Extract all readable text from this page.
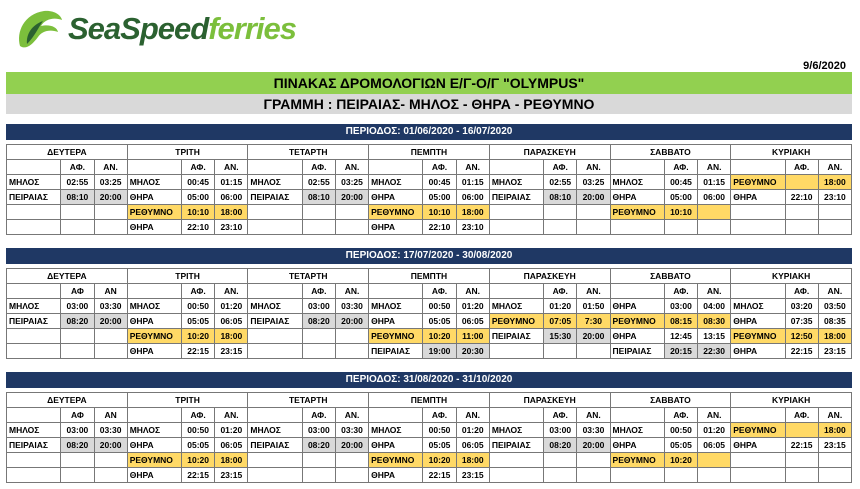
SeaSpeedferries
9/6/2020
ΠΙΝΑΚΑΣ ΔΡΟΜΟΛΟΓΙΩΝ Ε/Γ-Ο/Γ "OLYMPUS"
ΓΡΑΜΜΗ : ΠΕΙΡΑΙΑΣ- ΜΗΛΟΣ - ΘΗΡΑ - ΡΕΘΥΜΝΟ
ΠΕΡΙΟΔΟΣ: 01/06/2020 - 16/07/2020
ΔΕΥΤΕΡΑ			ΤΡΙΤΗ			ΤΕΤΑΡΤΗ			ΠΕΜΠΤΗ			ΠΑΡΑΣΚΕΥΗ			ΣΑΒΒΑΤΟ			ΚΥΡΙΑΚΗ		
	ΑΦ.	ΑΝ.		ΑΦ.	ΑΝ.		ΑΦ.	ΑΝ.		ΑΦ.	ΑΝ.		ΑΦ.	ΑΝ.		ΑΦ.	ΑΝ.		ΑΦ.	ΑΝ.
ΜΗΛΟΣ	02:55	03:25	ΜΗΛΟΣ	00:45	01:15	ΜΗΛΟΣ	02:55	03:25	ΜΗΛΟΣ	00:45	01:15	ΜΗΛΟΣ	02:55	03:25	ΜΗΛΟΣ	00:45	01:15	ΡΕΘΥΜΝΟ		18:00
ΠΕΙΡΑΙΑΣ	08:10	20:00	ΘΗΡΑ	05:00	06:00	ΠΕΙΡΑΙΑΣ	08:10	20:00	ΘΗΡΑ	05:00	06:00	ΠΕΙΡΑΙΑΣ	08:10	20:00	ΘΗΡΑ	05:00	06:00	ΘΗΡΑ	22:10	23:10
			ΡΕΘΥΜΝΟ	10:10	18:00				ΡΕΘΥΜΝΟ	10:10	18:00				ΡΕΘΥΜΝΟ	10:10				
			ΘΗΡΑ	22:10	23:10				ΘΗΡΑ	22:10	23:10									
ΠΕΡΙΟΔΟΣ: 17/07/2020 - 30/08/2020
ΔΕΥΤΕΡΑ			ΤΡΙΤΗ			ΤΕΤΑΡΤΗ			ΠΕΜΠΤΗ			ΠΑΡΑΣΚΕΥΗ			ΣΑΒΒΑΤΟ			ΚΥΡΙΑΚΗ		
	ΑΦ	ΑΝ		ΑΦ.	ΑΝ.		ΑΦ.	ΑΝ.		ΑΦ.	ΑΝ.		ΑΦ.	ΑΝ.		ΑΦ.	ΑΝ.		ΑΦ.	ΑΝ.
ΜΗΛΟΣ	03:00	03:30	ΜΗΛΟΣ	00:50	01:20	ΜΗΛΟΣ	03:00	03:30	ΜΗΛΟΣ	00:50	01:20	ΜΗΛΟΣ	01:20	01:50	ΘΗΡΑ	03:00	04:00	ΜΗΛΟΣ	03:20	03:50
ΠΕΙΡΑΙΑΣ	08:20	20:00	ΘΗΡΑ	05:05	06:05	ΠΕΙΡΑΙΑΣ	08:20	20:00	ΘΗΡΑ	05:05	06:05	ΡΕΘΥΜΝΟ	07:05	7:30	ΡΕΘΥΜΝΟ	08:15	08:30	ΘΗΡΑ	07:35	08:35
			ΡΕΘΥΜΝΟ	10:20	18:00				ΡΕΘΥΜΝΟ	10:20	11:00	ΠΕΙΡΑΙΑΣ	15:30	20:00	ΘΗΡΑ	12:45	13:15	ΡΕΘΥΜΝΟ	12:50	18:00
			ΘΗΡΑ	22:15	23:15				ΠΕΙΡΑΙΑΣ	19:00	20:30				ΠΕΙΡΑΙΑΣ	20:15	22:30	ΘΗΡΑ	22:15	23:15
ΠΕΡΙΟΔΟΣ: 31/08/2020 - 31/10/2020
ΔΕΥΤΕΡΑ			ΤΡΙΤΗ			ΤΕΤΑΡΤΗ			ΠΕΜΠΤΗ			ΠΑΡΑΣΚΕΥΗ			ΣΑΒΒΑΤΟ			ΚΥΡΙΑΚΗ		
	ΑΦ	ΑΝ		ΑΦ.	ΑΝ.		ΑΦ.	ΑΝ.		ΑΦ.	ΑΝ.		ΑΦ.	ΑΝ.		ΑΦ.	ΑΝ.		ΑΦ.	ΑΝ.
ΜΗΛΟΣ	03:00	03:30	ΜΗΛΟΣ	00:50	01:20	ΜΗΛΟΣ	03:00	03:30	ΜΗΛΟΣ	00:50	01:20	ΜΗΛΟΣ	03:00	03:30	ΜΗΛΟΣ	00:50	01:20	ΡΕΘΥΜΝΟ		18:00
ΠΕΙΡΑΙΑΣ	08:20	20:00	ΘΗΡΑ	05:05	06:05	ΠΕΙΡΑΙΑΣ	08:20	20:00	ΘΗΡΑ	05:05	06:05	ΠΕΙΡΑΙΑΣ	08:20	20:00	ΘΗΡΑ	05:05	06:05	ΘΗΡΑ	22:15	23:15
			ΡΕΘΥΜΝΟ	10:20	18:00				ΡΕΘΥΜΝΟ	10:20	18:00				ΡΕΘΥΜΝΟ	10:20				
			ΘΗΡΑ	22:15	23:15				ΘΗΡΑ	22:15	23:15									
